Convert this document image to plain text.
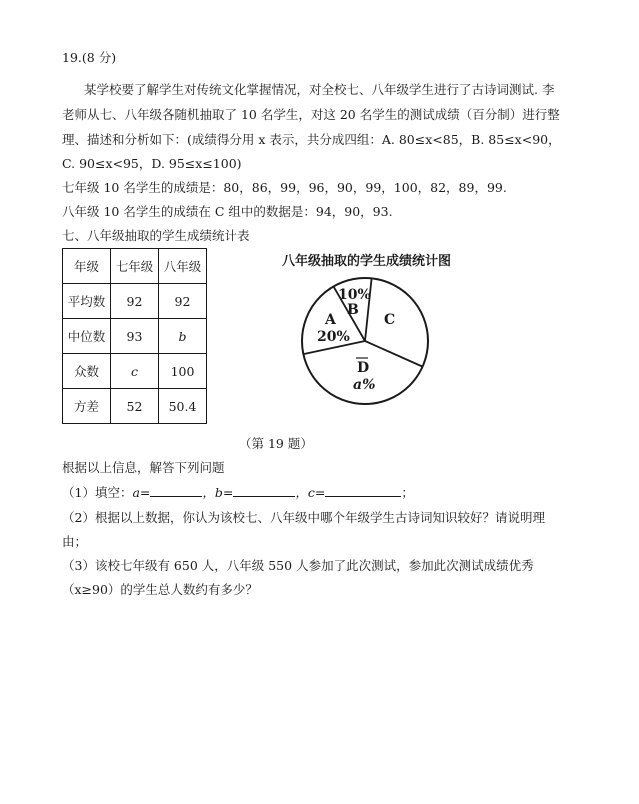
19.(8 分)
某学校要了解学生对传统文化掌握情况，对全校七、八年级学生进行了古诗词测试. 李
老师从七、八年级各随机抽取了 10 名学生，对这 20 名学生的测试成绩（百分制）进行整
理、描述和分析如下：(成绩得分用 x 表示，共分成四组：A. 80≤x<85，B. 85≤x<90，
C. 90≤x<95，D. 95≤x≤100)
七年级 10 名学生的成绩是：80，86，99，96，90，99，100，82，89，99.
八年级 10 名学生的成绩在 C 组中的数据是：94，90，93.
七、八年级抽取的学生成绩统计表
年级	七年级	八年级
平均数	92	92
中位数	93	b
众数	c	100
方差	52	50.4
八年级抽取的学生成绩统计图
A
20%
10%
B
C
D
a%
（第 19 题）
根据以上信息，解答下列问题
（1）填空：a=	，b=	，c=	；
（2）根据以上数据，你认为该校七、八年级中哪个年级学生古诗词知识较好？请说明理
由；
（3）该校七年级有 650 人，八年级 550 人参加了此次测试，参加此次测试成绩优秀
（x≥90）的学生总人数约有多少？
